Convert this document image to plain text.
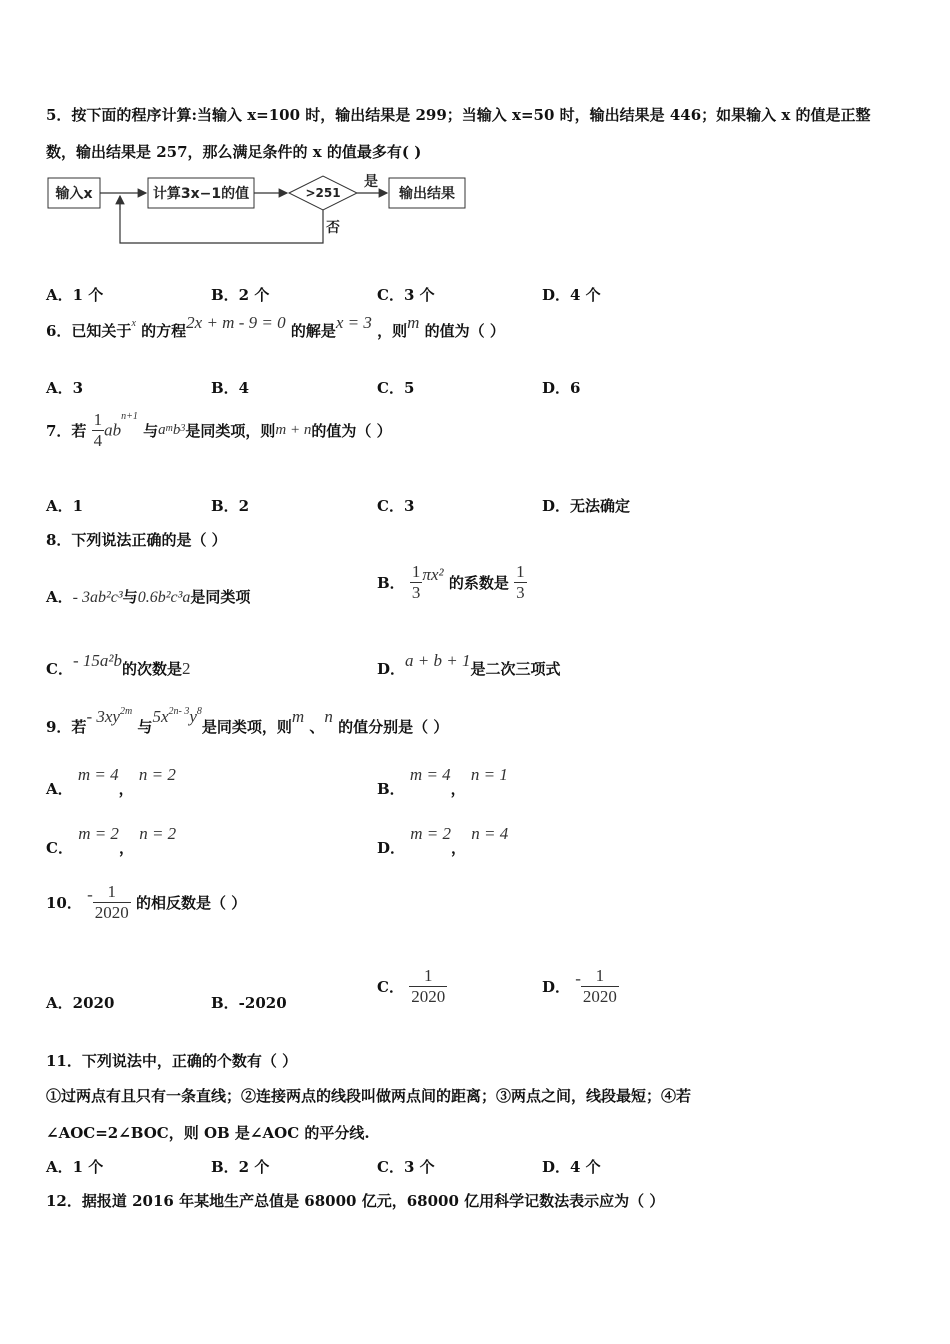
5．按下面的程序计算:当输入 x=100 时，输出结果是 299；当输入 x=50 时，输出结果是 446；如果输入 x 的值是正整
数，输出结果是 257，那么满足条件的 x 的值最多有( )
输入x	计算3x−1的值	>251
是
输出结果
否
A．1 个	B．2 个	C．3 个	D．4 个
6．已知关于$^x$ 的方程2x + m - 9 = 0 的解是x = 3 ，则m 的值为（ ）
A．3	B．4	C．5	D．6
7．若 $\frac{1}{4} ab^{n+1}$ 与$a^mb^3$是同类项，则m + n的值为（ ）
A．1	B．2	C．3	D．无法确定
8．下列说法正确的是（ ）
A．- 3ab²c³与0.6b²c³a是同类项
B． $\frac{1}{3} \pi x^2$ 的系数是 $\frac{1}{3}$
C．- 15a²b的次数是2	D．a + b + 1是二次三项式
9．若- $3xy^{2m}$ 与$5x^{2n- 3}y^8$是同类项，则m 、n 的值分别是（ ）
A． m = 4， n = 2
B． m = 4， n = 1
C． m = 2， n = 2
D． m = 2， n = 4
10． - $\frac{1}{2020}$ 的相反数是（ ）
A．2020	B．-2020
C． $\frac{1}{2020}$	D． - $\frac{1}{2020}$
11．下列说法中，正确的个数有（ ）
①过两点有且只有一条直线；②连接两点的线段叫做两点间的距离；③两点之间，线段最短；④若
∠AOC=2∠BOC，则 OB 是∠AOC 的平分线.
A．1 个	B．2 个	C．3 个	D．4 个
12．据报道 2016 年某地生产总值是 68000 亿元，68000 亿用科学记数法表示应为（ ）
